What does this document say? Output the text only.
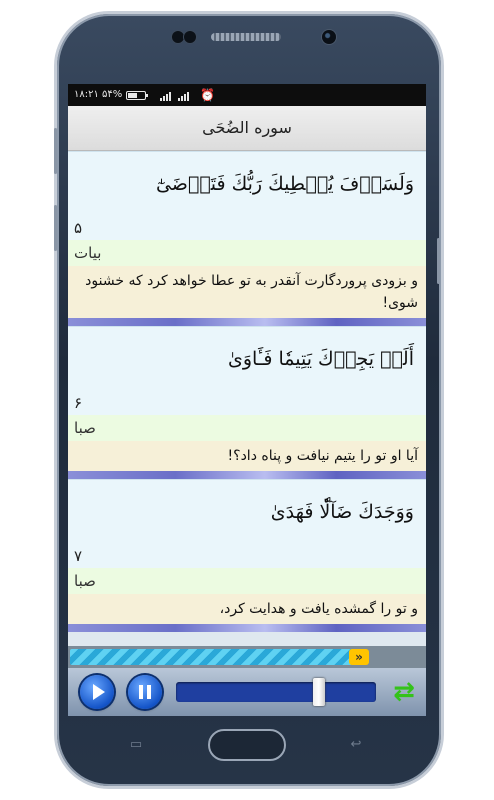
▭	↩
۱۸:۲۱ ۵۴%	⏰
سوره الضُحَی
وَلَسَوۡفَ يُعۡطِيكَ رَبُّكَ فَتَرۡضَىٰٓ
۵
بیات
و بزودی پروردگارت آنقدر به تو عطا خواهد کرد که خشنود شوی!
أَلَمۡ يَجِدۡكَ يَتِيمٗا فَـَٔاوَىٰ
۶
صبا
آیا او تو را یتیم نیافت و پناه داد؟!
وَوَجَدَكَ ضَآلّٗا فَهَدَىٰ
۷
صبا
و تو را گمشده یافت و هدایت کرد،
»
⇄
